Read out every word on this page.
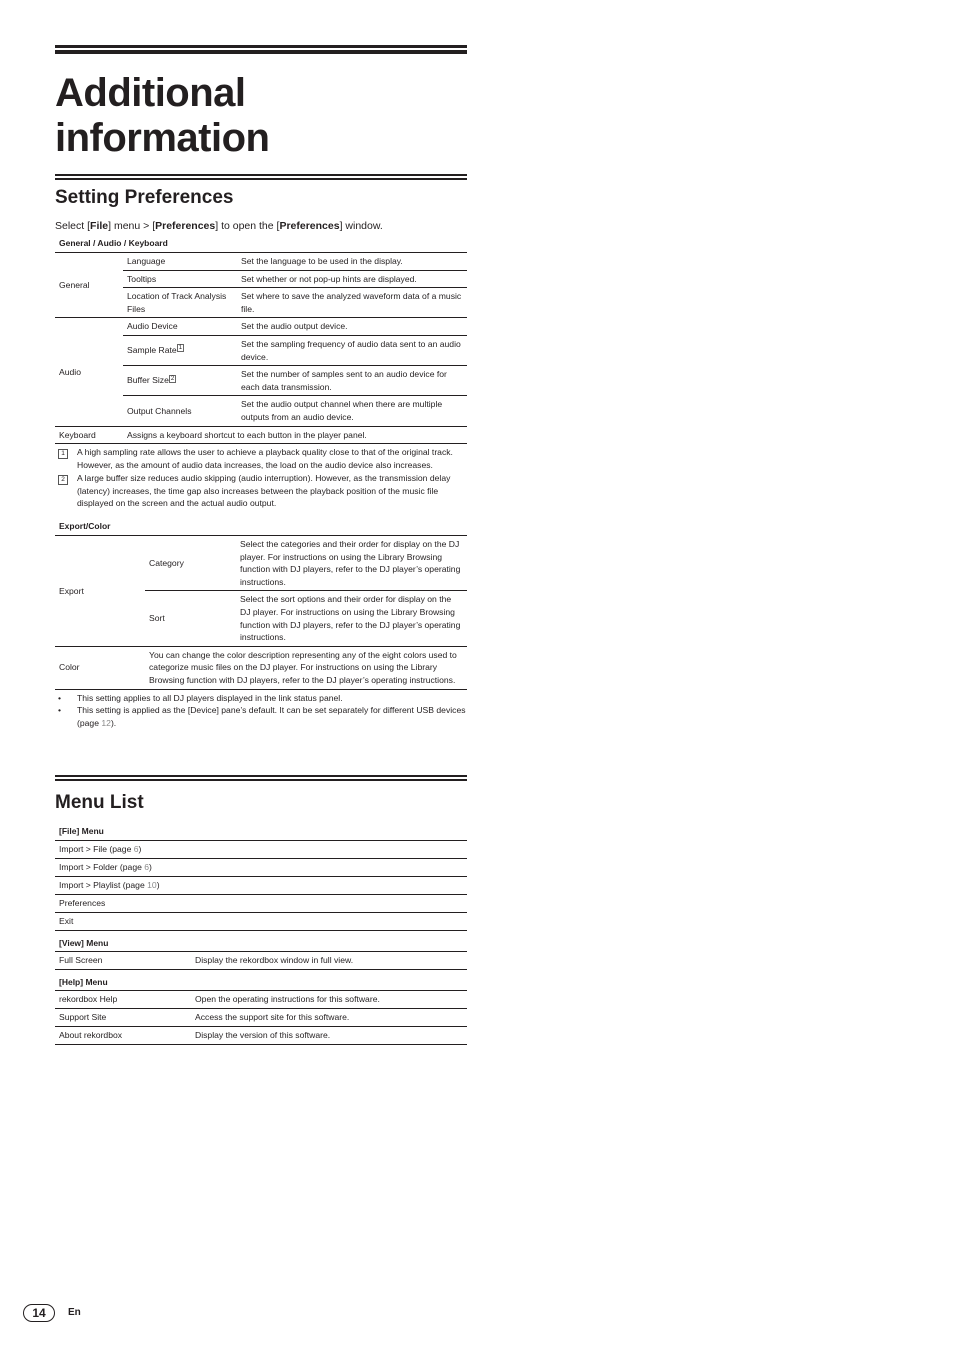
Additional information
Setting Preferences

Select [File] menu > [Preferences] to open the [Preferences] window.

General / Audio / Keyboard
General	Language	Set the language to be used in the display.
	Tooltips	Set whether or not pop-up hints are displayed.
	Location of Track Analysis Files	Set where to save the analyzed waveform data of a music file.
Audio	Audio Device	Set the audio output device.
	Sample Rate $^1$	Set the sampling frequency of audio data sent to an audio device.
	Buffer Size $^2$	Set the number of samples sent to an audio device for each data transmission.
	Output Channels	Set the audio output channel when there are multiple outputs from an audio device.
Keyboard	Assigns a keyboard shortcut to each button in the player panel.	
1	A high sampling rate allows the user to achieve a playback quality close to that of the original track. However, as the amount of audio data increases, the load on the audio device also increases.
2	A large buffer size reduces audio skipping (audio interruption). However, as the transmission delay (latency) increases, the time gap also increases between the playback position of the music file displayed on the screen and the actual audio output.
Export/Color
Export	Category	Select the categories and their order for display on the DJ player. For instructions on using the Library Browsing function with DJ players, refer to the DJ player’s operating instructions.
	Sort	Select the sort options and their order for display on the DJ player. For instructions on using the Library Browsing function with DJ players, refer to the DJ player’s operating instructions.
Color	You can change the color description representing any of the eight colors used to categorize music files on the DJ player. For instructions on using the Library Browsing function with DJ players, refer to the DJ player’s operating instructions.	
•	This setting applies to all DJ players displayed in the link status panel.
•	This setting is applied as the [Device] pane’s default. It can be set separately for different USB devices (page 12).
Menu List
[File] Menu
Import > File (page 6)
Import > Folder (page 6)
Import > Playlist (page 10)
Preferences
Exit
[View] Menu
Full Screen	Display the rekordbox window in full view.
[Help] Menu
rekordbox Help	Open the operating instructions for this software.
Support Site	Access the support site for this software.
About rekordbox	Display the version of this software.
14	En
